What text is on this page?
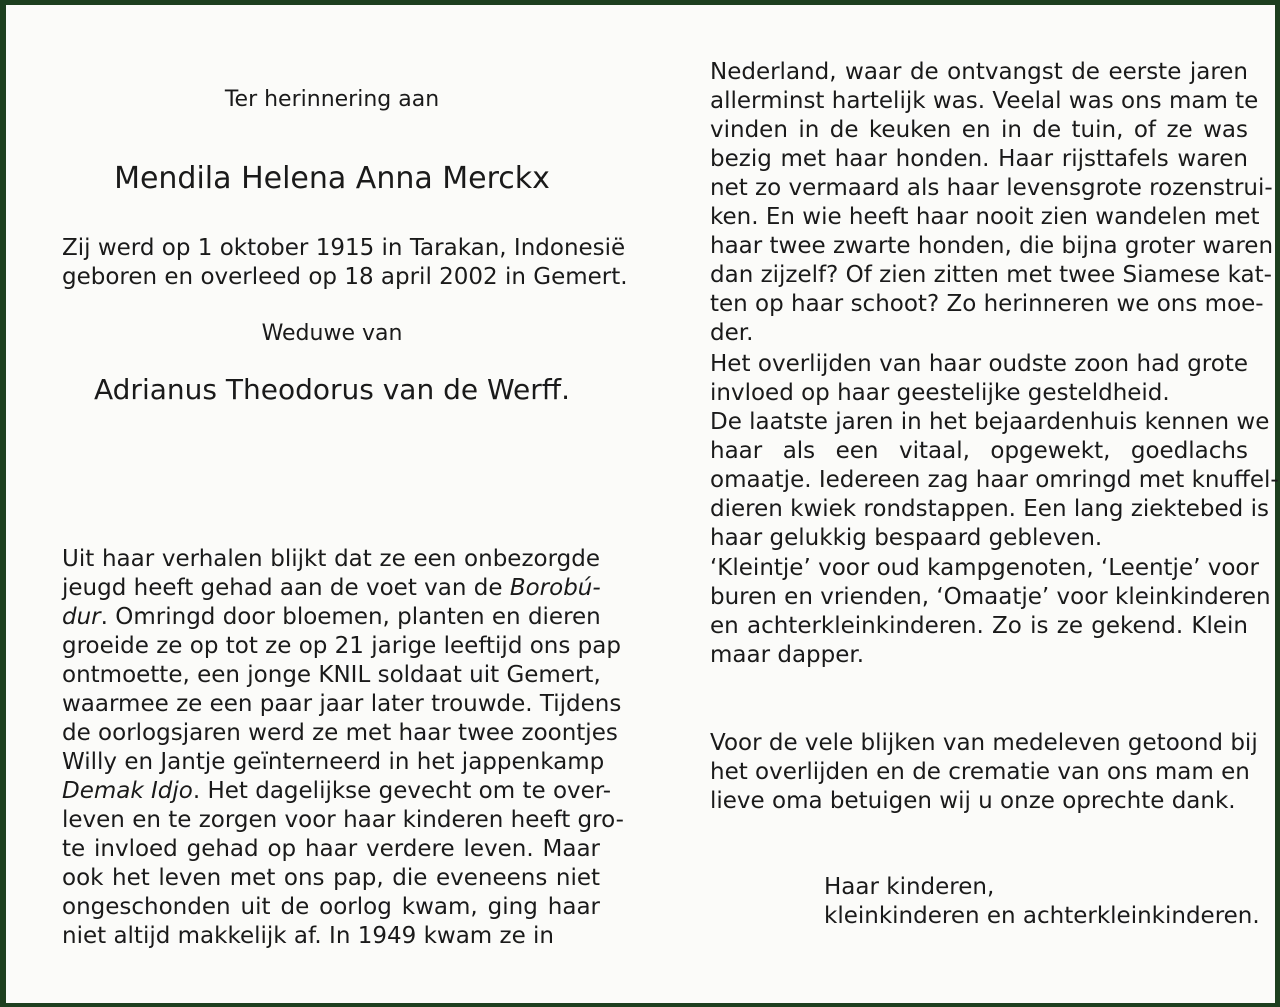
Ter herinnering aan
Mendila Helena Anna Merckx
Zij werd op 1 oktober 1915 in Tarakan, Indonesië
geboren en overleed op 18 april 2002 in Gemert.
Weduwe van
Adrianus Theodorus van de Werff.
Uit haar verhalen blijkt dat ze een onbezorgde
jeugd heeft gehad aan de voet van de Borobú-
dur. Omringd door bloemen, planten en dieren
groeide ze op tot ze op 21 jarige leeftijd ons pap
ontmoette, een jonge KNIL soldaat uit Gemert,
waarmee ze een paar jaar later trouwde. Tijdens
de oorlogsjaren werd ze met haar twee zoontjes
Willy en Jantje geïnterneerd in het jappenkamp
Demak Idjo. Het dagelijkse gevecht om te over-
leven en te zorgen voor haar kinderen heeft gro-
te invloed gehad op haar verdere leven. Maar
ook het leven met ons pap, die eveneens niet
ongeschonden uit de oorlog kwam, ging haar
niet altijd makkelijk af. In 1949 kwam ze in
Nederland, waar de ontvangst de eerste jaren
allerminst hartelijk was. Veelal was ons mam te
vinden in de keuken en in de tuin, of ze was
bezig met haar honden. Haar rijsttafels waren
net zo vermaard als haar levensgrote rozenstrui-
ken. En wie heeft haar nooit zien wandelen met
haar twee zwarte honden, die bijna groter waren
dan zijzelf? Of zien zitten met twee Siamese kat-
ten op haar schoot? Zo herinneren we ons moe-
der.
Het overlijden van haar oudste zoon had grote
invloed op haar geestelijke gesteldheid.
De laatste jaren in het bejaardenhuis kennen we
haar als een vitaal, opgewekt, goedlachs
omaatje. Iedereen zag haar omringd met knuffel-
dieren kwiek rondstappen. Een lang ziektebed is
haar gelukkig bespaard gebleven.
‘Kleintje’ voor oud kampgenoten, ‘Leentje’ voor
buren en vrienden, ‘Omaatje’ voor kleinkinderen
en achterkleinkinderen. Zo is ze gekend. Klein
maar dapper.
Voor de vele blijken van medeleven getoond bij
het overlijden en de crematie van ons mam en
lieve oma betuigen wij u onze oprechte dank.
Haar kinderen,
kleinkinderen en achterkleinkinderen.
